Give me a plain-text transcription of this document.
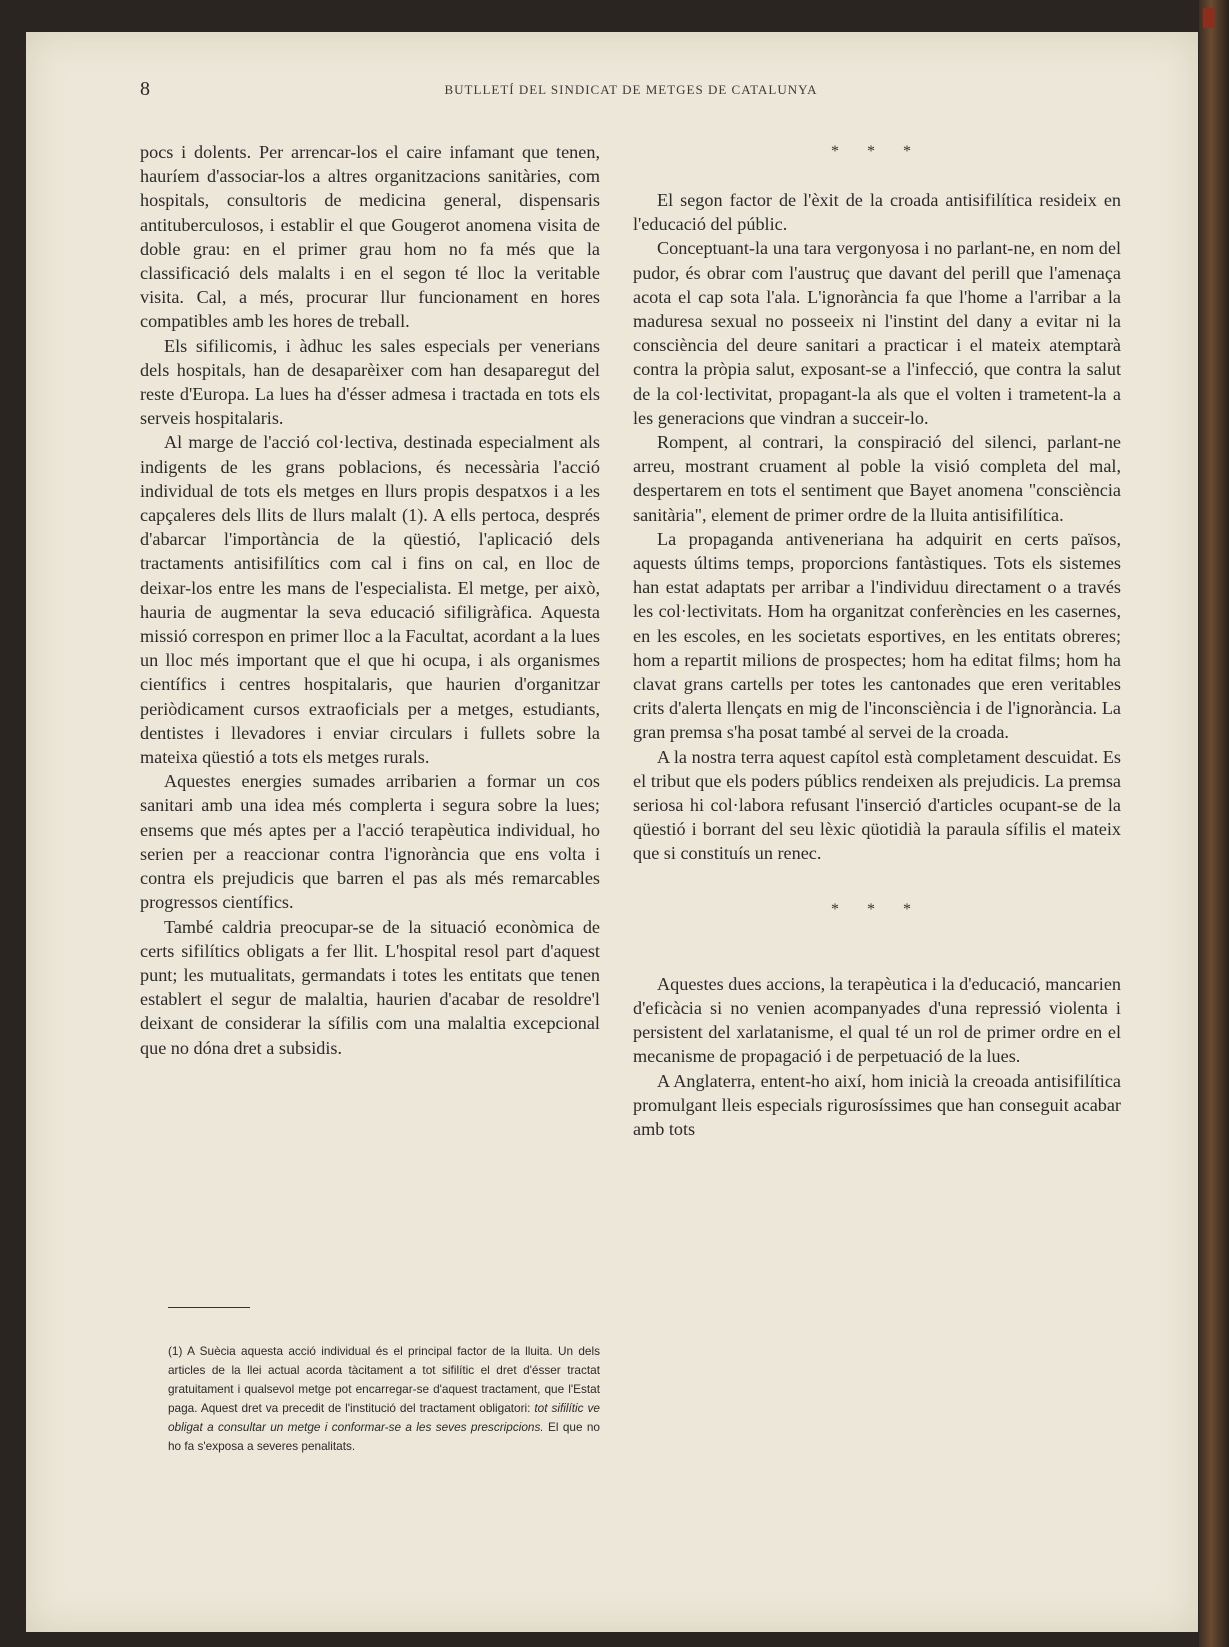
8	BUTLLETÍ DEL SINDICAT DE METGES DE CATALUNYA

pocs i dolents. Per arrencar-los el caire infamant que tenen, hauríem d'associar-los a altres organitzacions sanitàries, com hospitals, consultoris de medicina general, dispensaris antituberculosos, i establir el que Gougerot anomena visita de doble grau: en el primer grau hom no fa més que la classificació dels malalts i en el segon té lloc la veritable visita. Cal, a més, procurar llur funcionament en hores compatibles amb les hores de treball.

Els sifilicomis, i àdhuc les sales especials per venerians dels hospitals, han de desaparèixer com han desaparegut del reste d'Europa. La lues ha d'ésser admesa i tractada en tots els serveis hospitalaris.

Al marge de l'acció col·lectiva, destinada especialment als indigents de les grans poblacions, és necessària l'acció individual de tots els metges en llurs propis despatxos i a les capçaleres dels llits de llurs malalt (1). A ells pertoca, després d'abarcar l'importància de la qüestió, l'aplicació dels tractaments antisifilítics com cal i fins on cal, en lloc de deixar-los entre les mans de l'especialista. El metge, per això, hauria de augmentar la seva educació sifiligràfica. Aquesta missió correspon en primer lloc a la Facultat, acordant a la lues un lloc més important que el que hi ocupa, i als organismes científics i centres hospitalaris, que haurien d'organitzar periòdicament cursos extraoficials per a metges, estudiants, dentistes i llevadores i enviar circulars i fullets sobre la mateixa qüestió a tots els metges rurals.

Aquestes energies sumades arribarien a formar un cos sanitari amb una idea més complerta i segura sobre la lues; ensems que més aptes per a l'acció terapèutica individual, ho serien per a reaccionar contra l'ignorància que ens volta i contra els prejudicis que barren el pas als més remarcables progressos científics.

També caldria preocupar-se de la situació econòmica de certs sifilítics obligats a fer llit. L'hospital resol part d'aquest punt; les mutualitats, germandats i totes les entitats que tenen establert el segur de malaltia, haurien d'acabar de resoldre'l deixant de considerar la sífilis com una malaltia excepcional que no dóna dret a subsidis.

(1) A Suècia aquesta acció individual és el principal factor de la lluita. Un dels articles de la llei actual acorda tàcitament a tot sifilític el dret d'ésser tractat gratuitament i qualsevol metge pot encarregar-se d'aquest tractament, que l'Estat paga. Aquest dret va precedit de l'institució del tractament obligatori: tot sifilític ve obligat a consultar un metge i conformar-se a les seves prescripcions. El que no ho fa s'exposa a severes penalitats.
* * *

El segon factor de l'èxit de la croada antisifilítica resideix en l'educació del públic.

Conceptuant-la una tara vergonyosa i no parlant-ne, en nom del pudor, és obrar com l'austruç que davant del perill que l'amenaça acota el cap sota l'ala. L'ignorància fa que l'home a l'arribar a la maduresa sexual no posseeix ni l'instint del dany a evitar ni la consciència del deure sanitari a practicar i el mateix atemptarà contra la pròpia salut, exposant-se a l'infecció, que contra la salut de la col·lectivitat, propagant-la als que el volten i trametent-la a les generacions que vindran a succeir-lo.

Rompent, al contrari, la conspiració del silenci, parlant-ne arreu, mostrant cruament al poble la visió completa del mal, despertarem en tots el sentiment que Bayet anomena "consciència sanitària", element de primer ordre de la lluita antisifilítica.

La propaganda antiveneriana ha adquirit en certs països, aquests últims temps, proporcions fantàstiques. Tots els sistemes han estat adaptats per arribar a l'individuu directament o a través les col·lectivitats. Hom ha organitzat conferències en les casernes, en les escoles, en les societats esportives, en les entitats obreres; hom a repartit milions de prospectes; hom ha editat films; hom ha clavat grans cartells per totes les cantonades que eren veritables crits d'alerta llençats en mig de l'inconsciència i de l'ignorància. La gran premsa s'ha posat també al servei de la croada.

A la nostra terra aquest capítol està completament descuidat. Es el tribut que els poders públics rendeixen als prejudicis. La premsa seriosa hi col·labora refusant l'inserció d'articles ocupant-se de la qüestió i borrant del seu lèxic qüotidià la paraula sífilis el mateix que si constituís un renec.

* * *

Aquestes dues accions, la terapèutica i la d'educació, mancarien d'eficàcia si no venien acompanyades d'una repressió violenta i persistent del xarlatanisme, el qual té un rol de primer ordre en el mecanisme de propagació i de perpetuació de la lues.

A Anglaterra, entent-ho així, hom inicià la creoada antisifilítica promulgant lleis especials rigurosíssimes que han conseguit acabar amb tots
